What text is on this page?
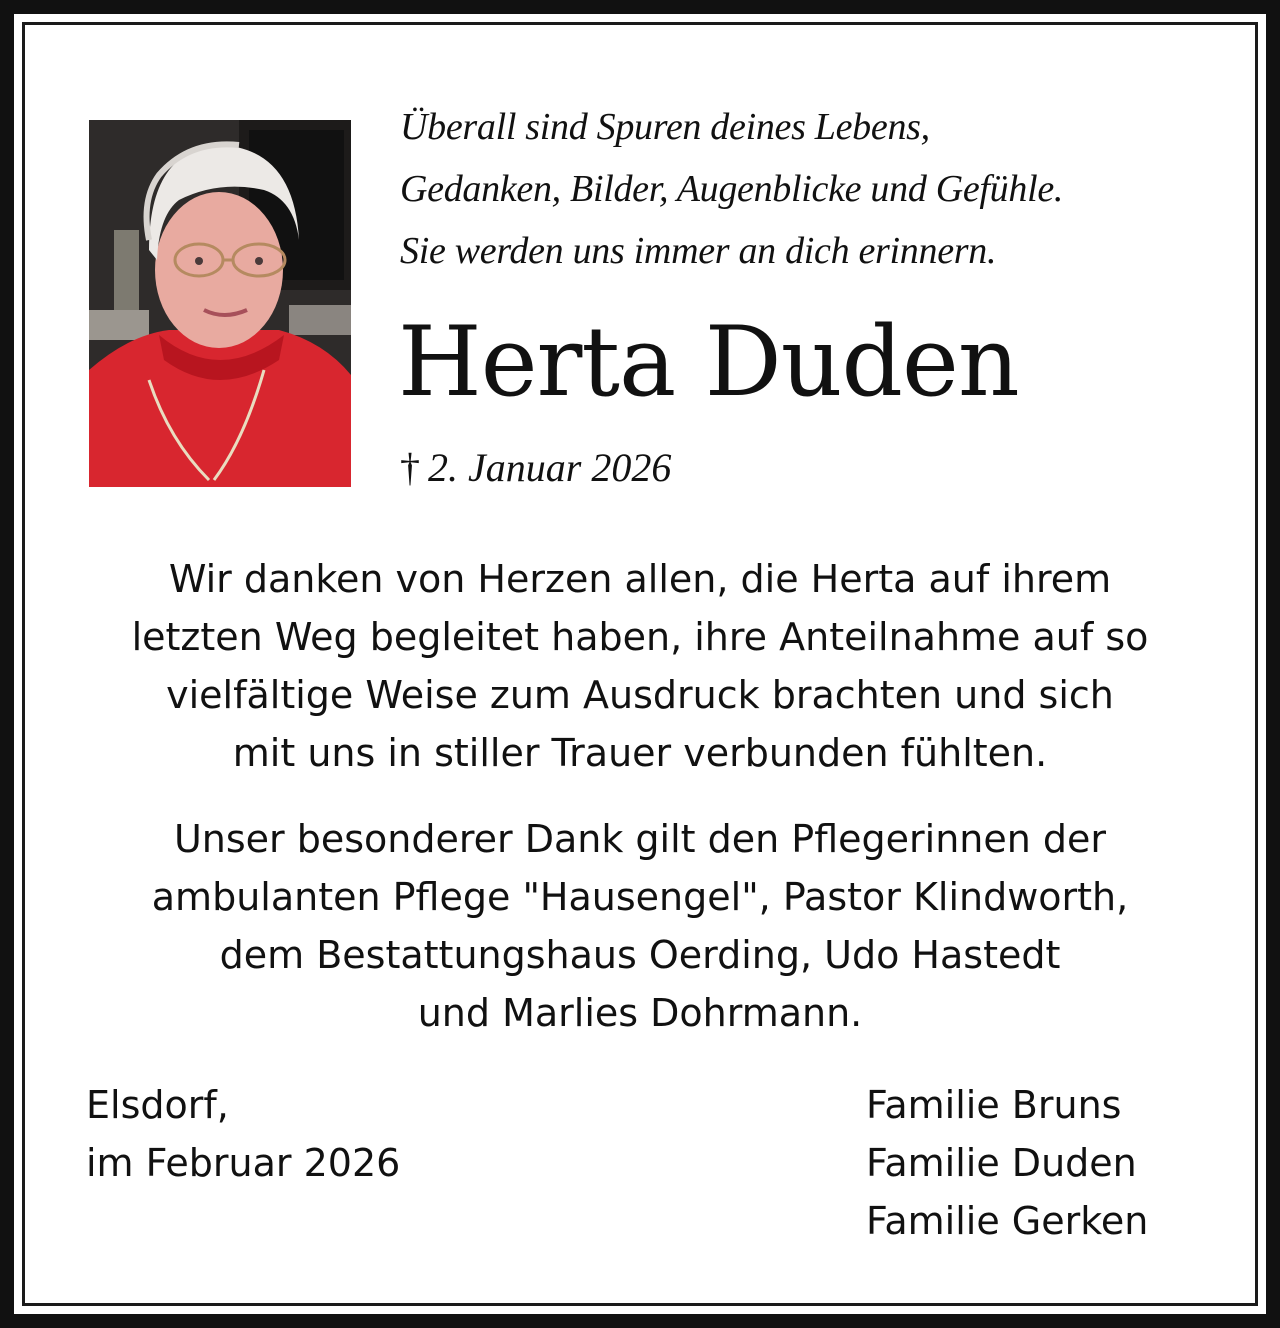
Überall sind Spuren deines Lebens,
Gedanken, Bilder, Augenblicke und Gefühle.
Sie werden uns immer an dich erinnern.
Herta Duden
† 2. Januar 2026
Wir danken von Herzen allen, die Herta auf ihrem
letzten Weg begleitet haben, ihre Anteilnahme auf so
vielfältige Weise zum Ausdruck brachten und sich
mit uns in stiller Trauer verbunden fühlten.
Unser besonderer Dank gilt den Pflegerinnen der
ambulanten Pflege "Hausengel", Pastor Klindworth,
dem Bestattungshaus Oerding, Udo Hastedt
und Marlies Dohrmann.
Elsdorf,
im Februar 2026
Familie Bruns
Familie Duden
Familie Gerken
